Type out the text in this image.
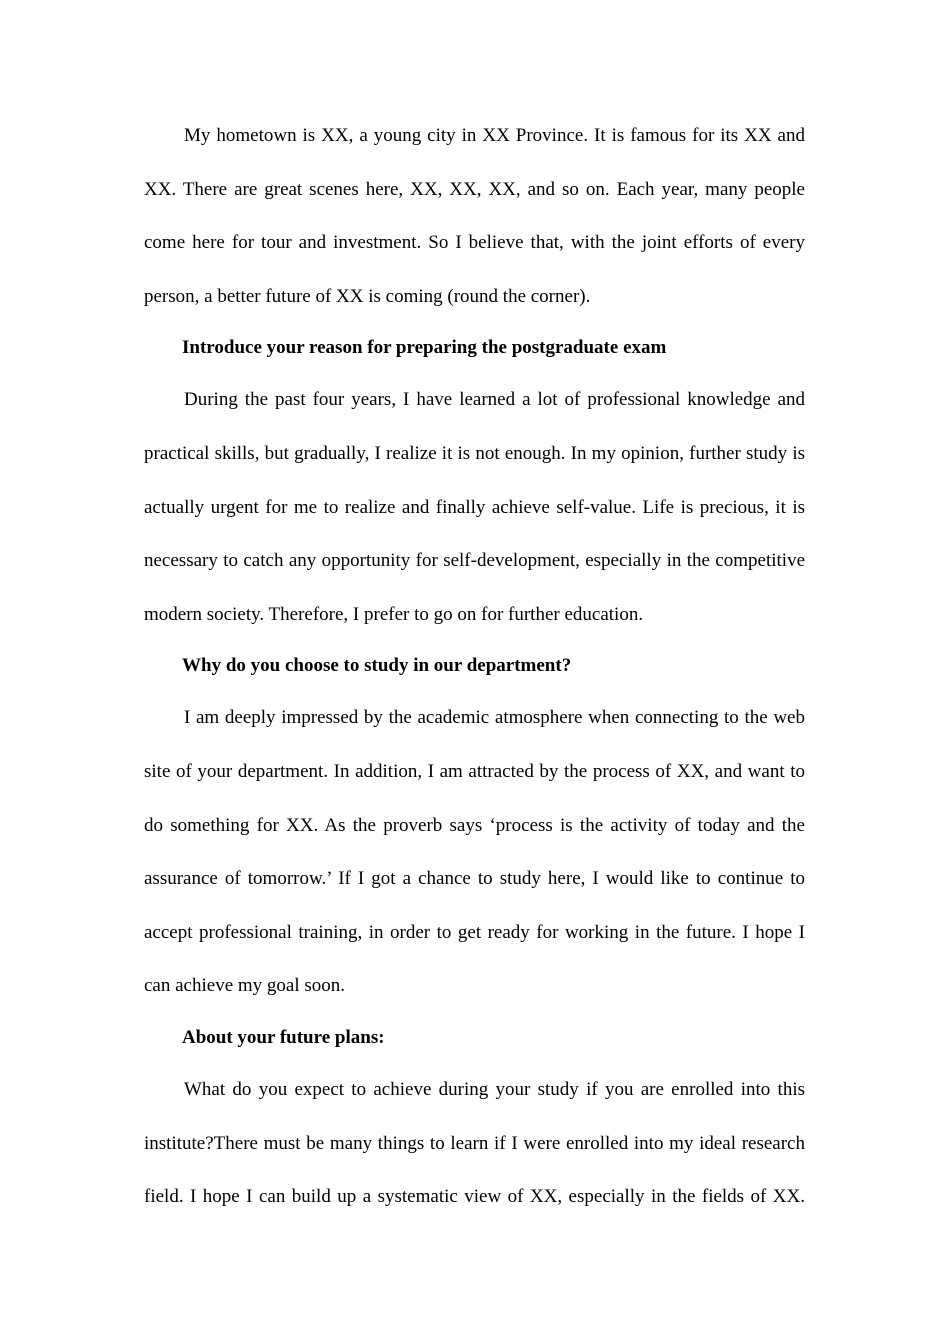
My hometown is XX, a young city in XX Province. It is famous for its XX and XX. There are great scenes here, XX, XX, XX, and so on. Each year, many people come here for tour and investment. So I believe that, with the joint efforts of every person, a better future of XX is coming (round the corner).

Introduce your reason for preparing the postgraduate exam

During the past four years, I have learned a lot of professional knowledge and practical skills, but gradually, I realize it is not enough. In my opinion, further study is actually urgent for me to realize and finally achieve self-value. Life is precious, it is necessary to catch any opportunity for self-development, especially in the competitive modern society. Therefore, I prefer to go on for further education.

Why do you choose to study in our department?

I am deeply impressed by the academic atmosphere when connecting to the web site of your department. In addition, I am attracted by the process of XX, and want to do something for XX. As the proverb says ‘process is the activity of today and the assurance of tomorrow.’ If I got a chance to study here, I would like to continue to accept professional training, in order to get ready for working in the future. I hope I can achieve my goal soon.

About your future plans:

What do you expect to achieve during your study if you are enrolled into this institute?There must be many things to learn if I were enrolled into my ideal research field. I hope I can build up a systematic view of XX, especially in the fields of XX.
